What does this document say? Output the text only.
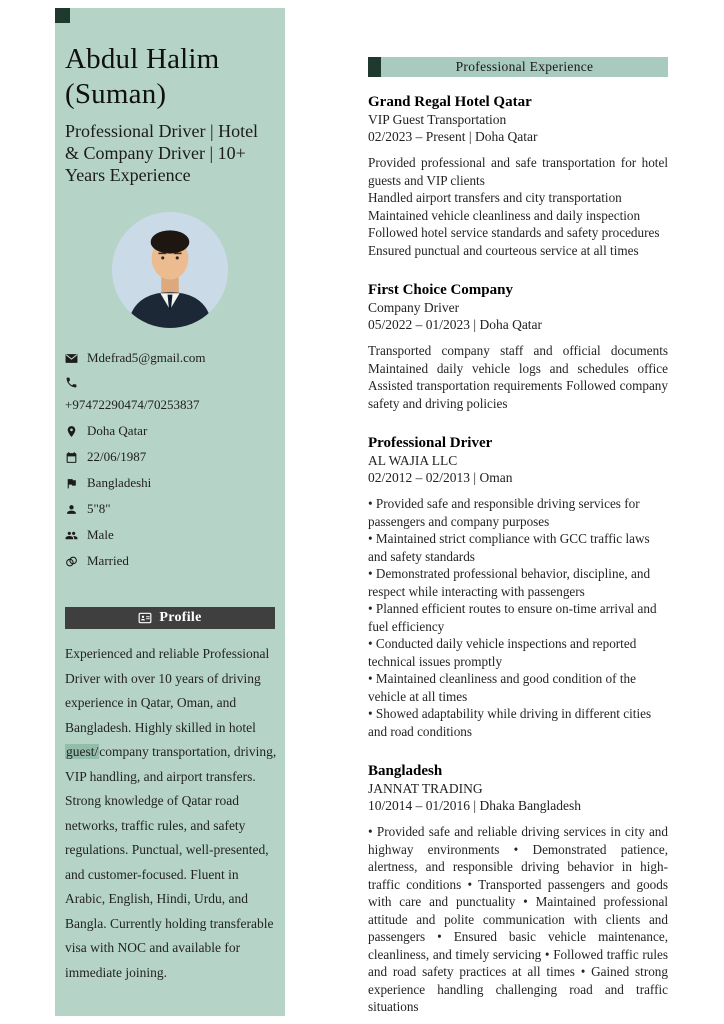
Abdul Halim
(Suman)
Professional Driver | Hotel & Company Driver | 10+ Years Experience
Mdefrad5@gmail.com
+97472290474/70253837
Doha Qatar
22/06/1987
Bangladeshi
5"8"
Male
Married
Profile

Experienced and reliable Professional Driver with over 10 years of driving experience in Qatar, Oman, and Bangladesh. Highly skilled in hotel guest/company transportation, driving, VIP handling, and airport transfers. Strong knowledge of Qatar road networks, traffic rules, and safety regulations. Punctual, well-presented, and customer-focused. Fluent in Arabic, English, Hindi, Urdu, and Bangla. Currently holding transferable visa with NOC and available for immediate joining.

Professional Experience
Grand Regal Hotel Qatar
VIP Guest Transportation
02/2023 – Present | Doha Qatar
Provided professional and safe transportation for hotel guests and VIP clients
Handled airport transfers and city transportation
Maintained vehicle cleanliness and daily inspection
Followed hotel service standards and safety procedures
Ensured punctual and courteous service at all times
First Choice Company
Company Driver
05/2022 – 01/2023 | Doha Qatar

Transported company staff and official documents Maintained daily vehicle logs and schedules office Assisted transportation requirements Followed company safety and driving policies

Professional Driver
AL WAJIA LLC
02/2012 – 02/2013 | Oman
• Provided safe and responsible driving services for passengers and company purposes
• Maintained strict compliance with GCC traffic laws and safety standards
• Demonstrated professional behavior, discipline, and respect while interacting with passengers
• Planned efficient routes to ensure on-time arrival and fuel efficiency
• Conducted daily vehicle inspections and reported technical issues promptly
• Maintained cleanliness and good condition of the vehicle at all times
• Showed adaptability while driving in different cities and road conditions
Bangladesh
JANNAT TRADING
10/2014 – 01/2016 | Dhaka Bangladesh

• Provided safe and reliable driving services in city and highway environments • Demonstrated patience, alertness, and responsible driving behavior in high-traffic conditions • Transported passengers and goods with care and punctuality • Maintained professional attitude and polite communication with clients and passengers • Ensured basic vehicle maintenance, cleanliness, and timely servicing • Followed traffic rules and road safety practices at all times • Gained strong experience handling challenging road and traffic situations
